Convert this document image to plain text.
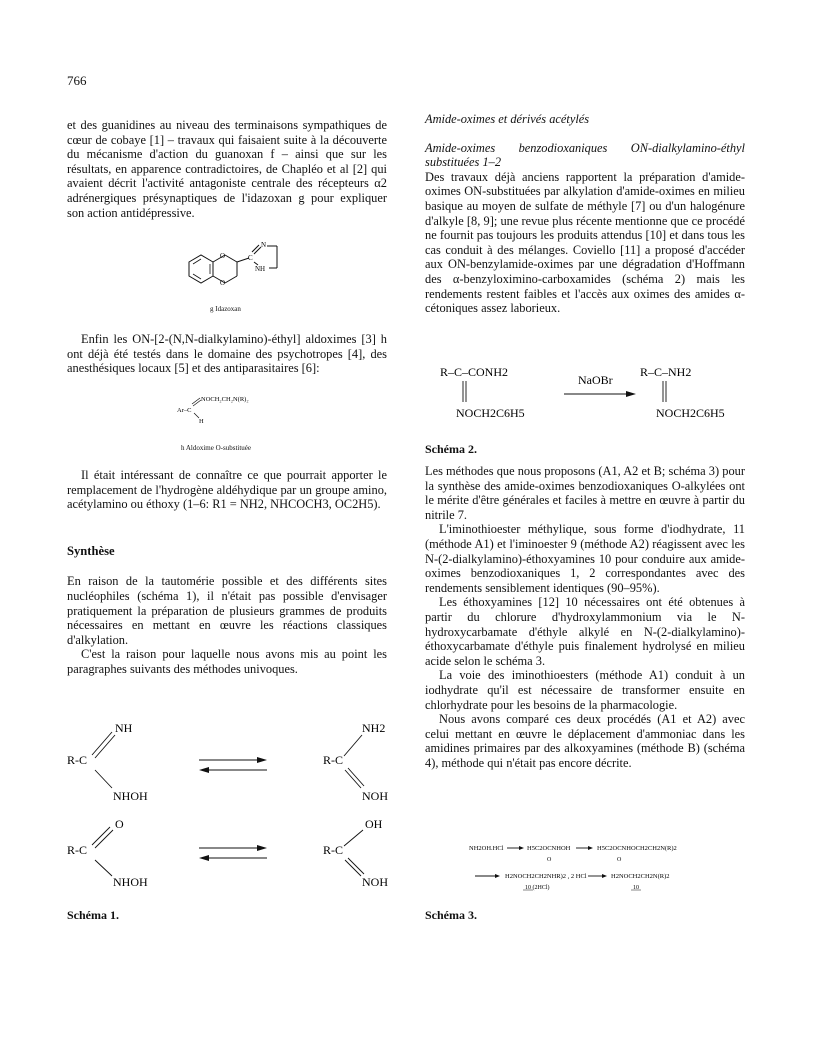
766

et des guanidines au niveau des terminaisons sympathiques de cœur de cobaye [1] – travaux qui faisaient suite à la découverte du mécanisme d'action du guanoxan f – ainsi que sur les résultats, en apparence contradictoires, de Chapléo et al [2] qui avaient décrit l'activité antagoniste centrale des récepteurs α2 adrénergiques présynaptiques de l'idazoxan g pour expliquer son action antidépressive.

O
O
C
N
NH
g Idazoxan

Enfin les ON-[2-(N,N-dialkylamino)-éthyl] aldoximes [3] h ont déjà été testés dans le domaine des psychotropes [4], des anesthésiques locaux [5] et des antiparasitaires [6]:

Ar–C
NOCH₂CH₂N(R)₂
H
h Aldoxime O-substituée

Il était intéressant de connaître ce que pourrait apporter le remplacement de l'hydrogène aldéhydique par un groupe amino, acétylamino ou éthoxy (1–6: R1 = NH2, NHCOCH3, OC2H5).

Synthèse

En raison de la tautomérie possible et des différents sites nucléophiles (schéma 1), il n'était pas possible d'envisager pratiquement la préparation de plusieurs grammes de produits nécessaires en mettant en œuvre les réactions classiques d'alkylation.

C'est la raison pour laquelle nous avons mis au point les paragraphes suivants des méthodes univoques.

NH
R-C
NHOH
NH2
R-C
NOH
O
R-C
NHOH
OH
R-C
NOH
Schéma 1.

Amide-oximes et dérivés acétylés

Amide-oximes benzodioxaniques ON-dialkylamino-éthyl substituées 1–2

Des travaux déjà anciens rapportent la préparation d'amide-oximes ON-substituées par alkylation d'amide-oximes en milieu basique au moyen de sulfate de méthyle [7] ou d'un halogénure d'alkyle [8, 9]; une revue plus récente mentionne que ce procédé ne fournit pas toujours les produits attendus [10] et dans tous les cas conduit à des mélanges. Coviello [11] a proposé d'accéder aux ON-benzylamide-oximes par une dégradation d'Hoffmann des α-benzyloximino-carboxamides (schéma 2) mais les rendements restent faibles et l'accès aux oximes des amides α-cétoniques assez laborieux.

R–C–CONH2
NOCH2C6H5
NaOBr
R–C–NH2
NOCH2C6H5
Schéma 2.

Les méthodes que nous proposons (A1, A2 et B; schéma 3) pour la synthèse des amide-oximes benzodioxaniques O-alkylées ont le mérite d'être générales et faciles à mettre en œuvre à partir du nitrile 7.

L'iminothioester méthylique, sous forme d'iodhydrate, 11 (méthode A1) et l'iminoester 9 (méthode A2) réagissent avec les N-(2-dialkylamino)-éthoxyamines 10 pour conduire aux amide-oximes benzodioxaniques 1, 2 correspondantes avec des rendements sensiblement identiques (90–95%).

Les éthoxyamines [12] 10 nécessaires ont été obtenues à partir du chlorure d'hydroxylammonium via le N-hydroxycarbamate d'éthyle alkylé en N-(2-dialkylamino)-éthoxycarbamate d'éthyle puis finalement hydrolysé en milieu acide selon le schéma 3.

La voie des iminothioesters (méthode A1) conduit à un iodhydrate qu'il est nécessaire de transformer ensuite en chlorhydrate pour les besoins de la pharmacologie.

Nous avons comparé ces deux procédés (A1 et A2) avec celui mettant en œuvre le déplacement d'ammoniac dans les amidines primaires par des alkoxyamines (méthode B) (schéma 4), méthode qui n'était pas encore décrite.

NH2OH.HCl	H5C2OCNHOH
O
H5C2OCNHOCH2CH2N(R)2
O
H2NOCH2CH2NHR)2 , 2 HCl
10 (2HCl)
H2NOCH2CH2N(R)2
10
Schéma 3.
